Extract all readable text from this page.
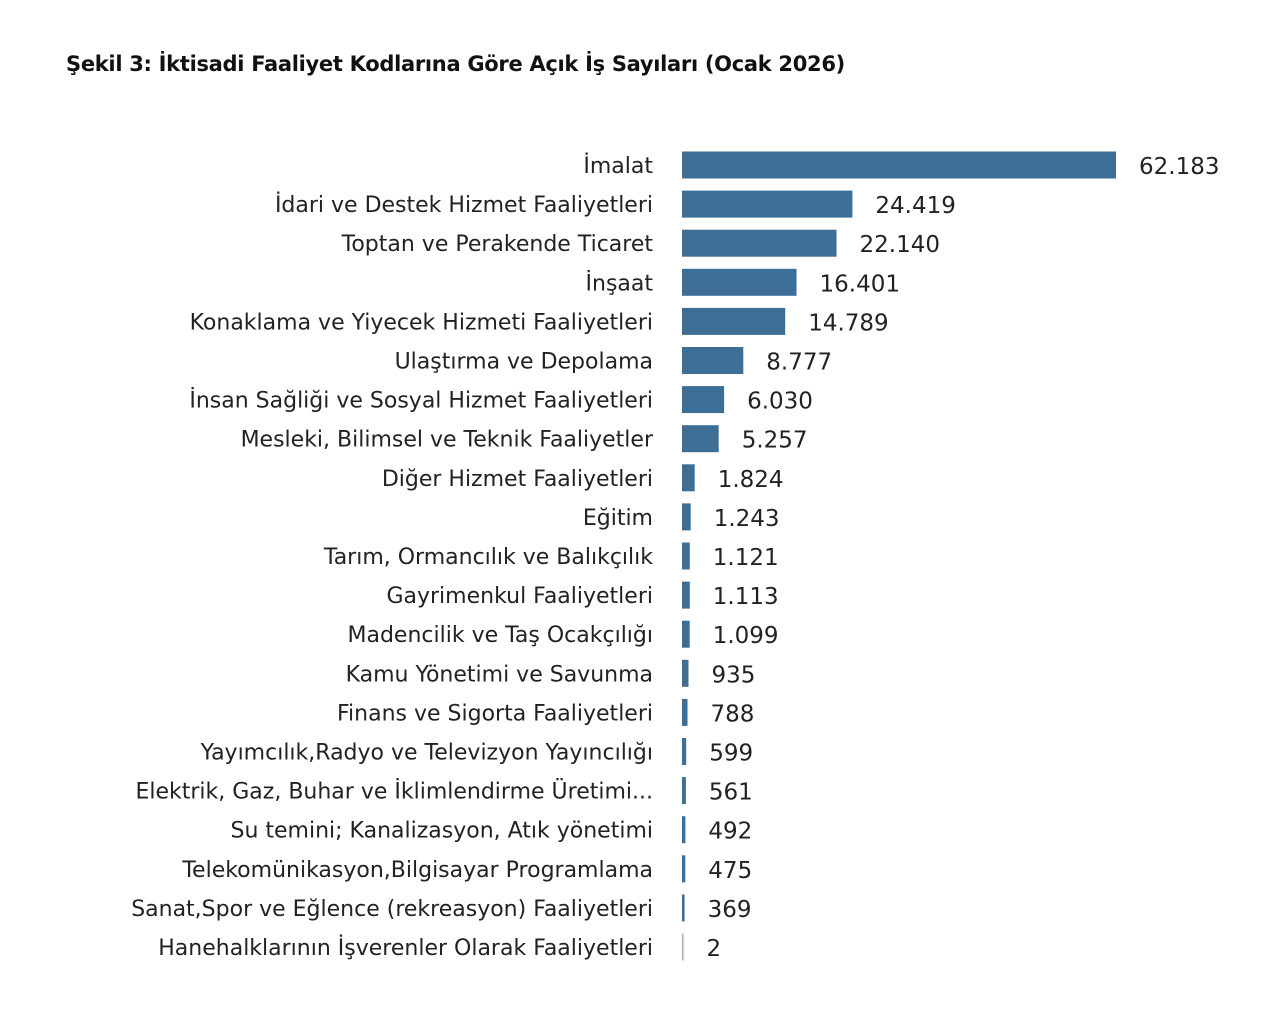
Şekil 3: İktisadi Faaliyet Kodlarına Göre Açık İş Sayıları (Ocak 2026)
İmalat
İdari ve Destek Hizmet Faaliyetleri
Toptan ve Perakende Ticaret
İnşaat
Konaklama ve Yiyecek Hizmeti Faaliyetleri
Ulaştırma ve Depolama
İnsan Sağliği ve Sosyal Hizmet Faaliyetleri
Mesleki, Bilimsel ve Teknik Faaliyetler
Diğer Hizmet Faaliyetleri
Eğitim
Tarım, Ormancılık ve Balıkçılık
Gayrimenkul Faaliyetleri
Madencilik ve Taş Ocakçılığı
Kamu Yönetimi ve Savunma
Finans ve Sigorta Faaliyetleri
Yayımcılık,Radyo ve Televizyon Yayıncılığı
Elektrik, Gaz, Buhar ve İklimlendirme Üretimi...
Su temini; Kanalizasyon, Atık yönetimi
Telekomünikasyon,Bilgisayar Programlama
Sanat,Spor ve Eğlence (rekreasyon) Faaliyetleri
Hanehalklarının İşverenler Olarak Faaliyetleri
62.183
24.419
22.140
16.401
14.789
8.777
6.030
5.257
1.824
1.243
1.121
1.113
1.099
935
788
599
561
492
475
369
2
